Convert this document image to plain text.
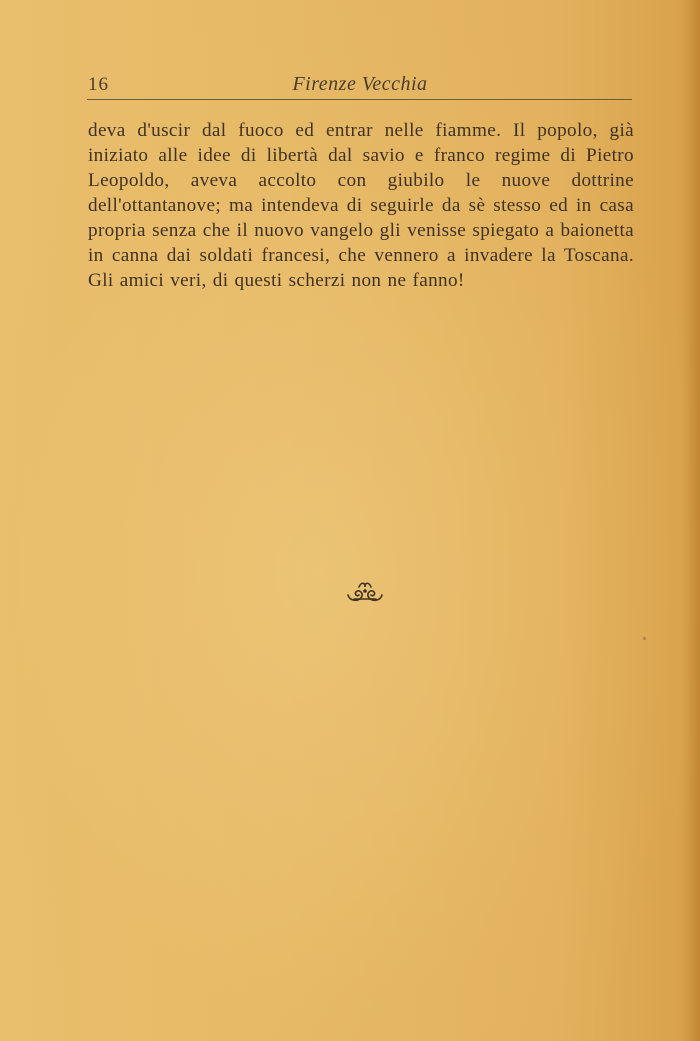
16	Firenze Vecchia

deva d'uscir dal fuoco ed entrar nelle fiamme. Il popolo, già iniziato alle idee di libertà dal savio e franco regime di Pietro Leopoldo, aveva accolto con giubilo le nuove dottrine dell'ottantanove; ma intendeva di seguirle da sè stesso ed in casa propria senza che il nuovo vangelo gli venisse spiegato a baionetta in canna dai soldati francesi, che vennero a invadere la Toscana. Gli amici veri, di questi scherzi non ne fanno!
